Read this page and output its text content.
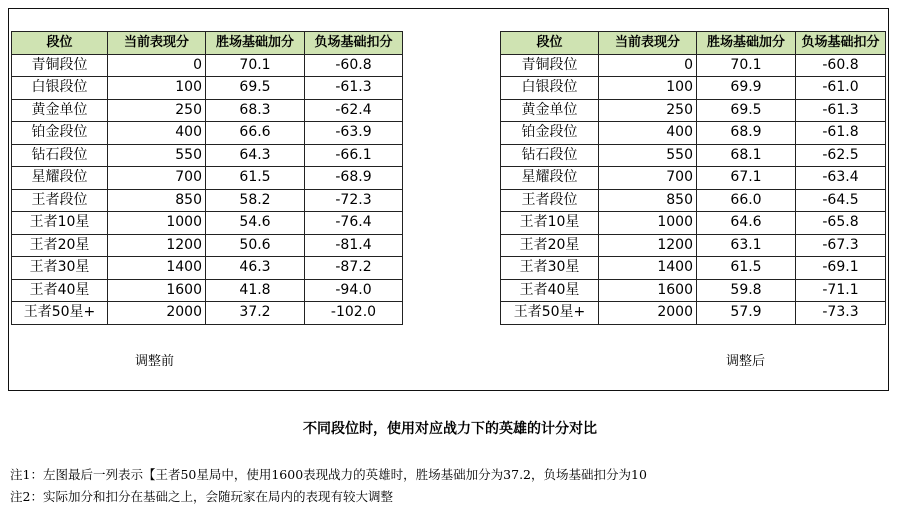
段位	当前表现分	胜场基础加分	负场基础扣分
青铜段位	0	70.1	-60.8
白银段位	100	69.5	-61.3
黄金单位	250	68.3	-62.4
铂金段位	400	66.6	-63.9
钻石段位	550	64.3	-66.1
星耀段位	700	61.5	-68.9
王者段位	850	58.2	-72.3
王者10星	1000	54.6	-76.4
王者20星	1200	50.6	-81.4
王者30星	1400	46.3	-87.2
王者40星	1600	41.8	-94.0
王者50星+	2000	37.2	-102.0
段位	当前表现分	胜场基础加分	负场基础扣分
青铜段位	0	70.1	-60.8
白银段位	100	69.9	-61.0
黄金单位	250	69.5	-61.3
铂金段位	400	68.9	-61.8
钻石段位	550	68.1	-62.5
星耀段位	700	67.1	-63.4
王者段位	850	66.0	-64.5
王者10星	1000	64.6	-65.8
王者20星	1200	63.1	-67.3
王者30星	1400	61.5	-69.1
王者40星	1600	59.8	-71.1
王者50星+	2000	57.9	-73.3
调整前	调整后
不同段位时，使用对应战力下的英雄的计分对比
注1：左图最后一列表示【王者50星局中，使用1600表现战力的英雄时，胜场基础加分为37.2，负场基础扣分为10
注2：实际加分和扣分在基础之上，会随玩家在局内的表现有较大调整
